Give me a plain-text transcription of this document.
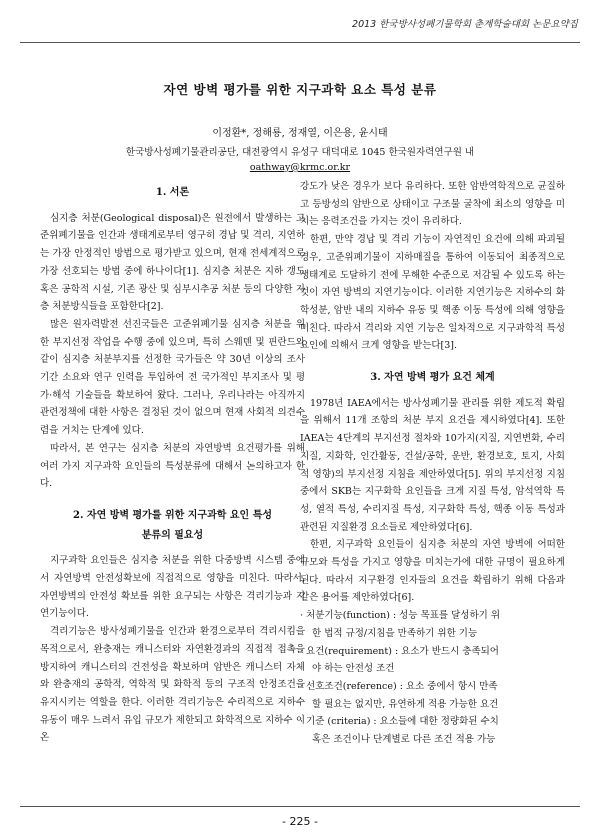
2013 한국방사성폐기물학회 춘계학술대회 논문요약집
자연 방벽 평가를 위한 지구과학 요소 특성 분류
이정환*, 정해룡, 정재열, 이은용, 윤시태
한국방사성폐기물관리공단, 대전광역시 유성구 대덕대로 1045 한국원자력연구원 내
oathway@krmc.or.kr
1. 서론

심지층 처분(Geological disposal)은 원전에서 발생하는 고준위폐기물을 인간과 생태계로부터 영구히 경납 및 격리, 지연하는 가장 안정적인 방법으로 평가받고 있으며, 현재 전세계적으로 가장 선호되는 방법 중에 하나이다[1]. 심지층 처분은 지하 갱도 혹은 공학적 시설, 기존 광산 및 심부시추공 처분 등의 다양한 지층 처분방식들을 포함한다[2].

많은 원자력발전 선진국들은 고준위폐기물 심지층 처분을 위한 부지선정 작업을 수행 중에 있으며, 특히 스웨덴 및 핀란드와 같이 심지층 처분부지를 선정한 국가들은 약 30년 이상의 조사 기간 소요와 연구 인력을 투입하여 전 국가적인 부지조사 및 평가·해석 기술들을 확보하여 왔다. 그러나, 우리나라는 아직까지 관련정책에 대한 사항은 결정된 것이 없으며 현재 사회적 의견수렴을 거치는 단계에 있다.

따라서, 본 연구는 심지층 처분의 자연방벽 요건평가를 위해 여러 가지 지구과학 요인들의 특성분류에 대해서 논의하고자 한다.

2. 자연 방벽 평가를 위한 지구과학 요인 특성
분류의 필요성

지구과학 요인들은 심지층 처분을 위한 다중방벽 시스템 중에서 자연방벽 안전성확보에 직접적으로 영향을 미친다. 따라서, 자연방벽의 안전성 확보를 위한 요구되는 사항은 격리기능과 지연기능이다.

격리기능은 방사성폐기물을 인간과 환경으로부터 격리시킴을 목적으로서, 완충재는 캐니스터와 자연환경과의 직접적 접촉을 방지하여 캐니스터의 건전성을 확보하며 암반은 캐니스터 자체와 완충재의 공학적, 역학적 및 화학적 등의 구조적 안정조건을 유지시키는 역할을 한다. 이러한 격리기능은 수리적으로 지하수 유동이 매우 느려서 유입 규모가 제한되고 화학적으로 지하수 이온

강도가 낮은 경우가 보다 유리하다. 또한 암반역학적으로 균질하고 등방성의 암반으로 상태이고 구조물 굴착에 최소의 영향을 미치는 응력조건을 가지는 것이 유리하다.

한편, 만약 경납 및 격리 기능이 자연적인 요건에 의해 파괴될 경우, 고준위폐기물이 지하매질을 통하여 이동되어 최종적으로 생태계로 도달하기 전에 무해한 수준으로 저감될 수 있도록 하는 것이 자연 방벽의 지연기능이다. 이러한 지연기능은 지하수의 화학성분, 암반 내의 지하수 유동 및 핵종 이동 특성에 의해 영향을 미친다. 따라서 격리와 지연 기능은 일차적으로 지구과학적 특성 요인에 의해서 크게 영향을 받는다[3].

3. 자연 방벽 평가 요건 체계

1978년 IAEA에서는 방사성폐기물 관리를 위한 제도적 확립을 위해서 11개 조항의 처분 부지 요건을 제시하였다[4]. 또한 IAEA는 4단계의 부지선정 절차와 10가지(지질, 지연변화, 수리지질, 지화학, 인간활동, 건설/공학, 운반, 환경보호, 토지, 사회적 영향)의 부지선정 지침을 제안하였다[5]. 위의 부지선정 지침 중에서 SKB는 지구화학 요인들을 크게 지질 특성, 암석역학 특성, 열적 특성, 수리지질 특성, 지구화학 특성, 핵종 이동 특성과 관련된 지질환경 요소들로 제안하였다[6].

한편, 지구과학 요인들이 심지층 처분의 자연 방벽에 어떠한 규모와 특성을 가지고 영향을 미치는가에 대한 규명이 필요하게 된다. 따라서 지구환경 인자들의 요건을 확립하기 위해 다음과 같은 용어를 제안하였다[6].

· 처분기능(function) : 성능 목표를 달성하기 위
한 법적 규정/지침을 만족하기 위한 기능
· 요건(requirement) : 요소가 반드시 충족되어
야 하는 안전성 조건
· 선호조건(reference) : 요소 중에서 항시 만족
할 필요는 없지만, 유연하게 적용 가능한 요건
· 기준 (criteria) : 요소들에 대한 정량화된 수치
혹은 조건이나 단계별로 다른 조건 적용 가능
- 225 -
